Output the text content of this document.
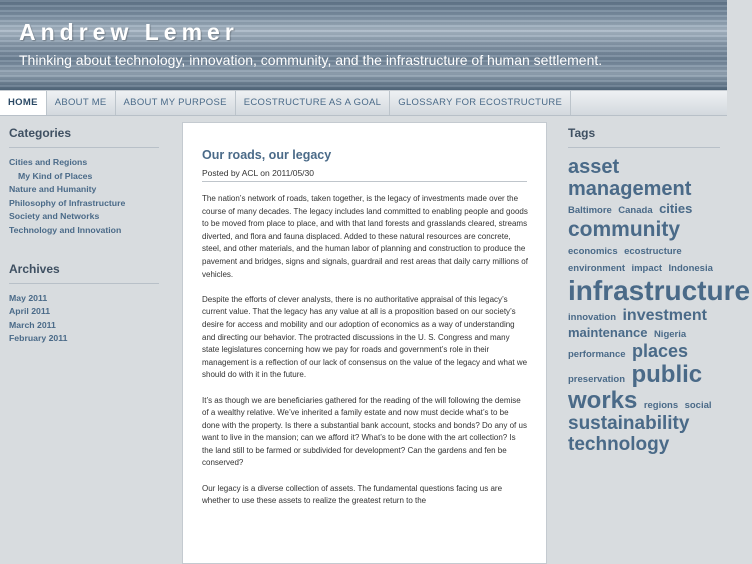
Andrew Lemer

Thinking about technology, innovation, community, and the infrastructure of human settlement.

HOME	ABOUT ME	ABOUT MY PURPOSE	ECOSTRUCTURE AS A GOAL	GLOSSARY FOR ECOSTRUCTURE
Categories
Cities and Regions
My Kind of Places
Nature and Humanity
Philosophy of Infrastructure
Society and Networks
Technology and Innovation
Archives
May 2011
April 2011
March 2011
February 2011
Our roads, our legacy
Posted by ACL on 2011/05/30

The nation’s network of roads, taken together, is the legacy of investments made over the course of many decades. The legacy includes land committed to enabling people and goods to be moved from place to place, and with that land forests and grasslands cleared, streams diverted, and flora and fauna displaced. Added to these natural resources are concrete, steel, and other materials, and the human labor of planning and construction to produce the pavement and bridges, signs and signals, guardrail and rest areas that daily carry millions of vehicles.

Despite the efforts of clever analysts, there is no authoritative appraisal of this legacy’s current value. That the legacy has any value at all is a proposition based on our society’s desire for access and mobility and our adoption of economics as a way of understanding and directing our behavior. The protracted discussions in the U. S. Congress and many state legislatures concerning how we pay for roads and government’s role in their management is a reflection of our lack of consensus on the value of the legacy and what we should do with it in the future.

It’s as though we are beneficiaries gathered for the reading of the will following the demise of a wealthy relative. We’ve inherited a family estate and now must decide what’s to be done with the property. Is there a substantial bank account, stocks and bonds? Do any of us want to live in the mansion; can we afford it? What’s to be done with the art collection? Is the land still to be farmed or subdivided for development? Can the gardens and fen be conserved?

Our legacy is a diverse collection of assets. The fundamental questions facing us are whether to use these assets to realize the greatest return to the

Tags
asset management Baltimore Canada cities community economics ecostructure environment impact Indonesia infrastructure innovation investment maintenance Nigeria performance places preservation public works regions social sustainability technology
